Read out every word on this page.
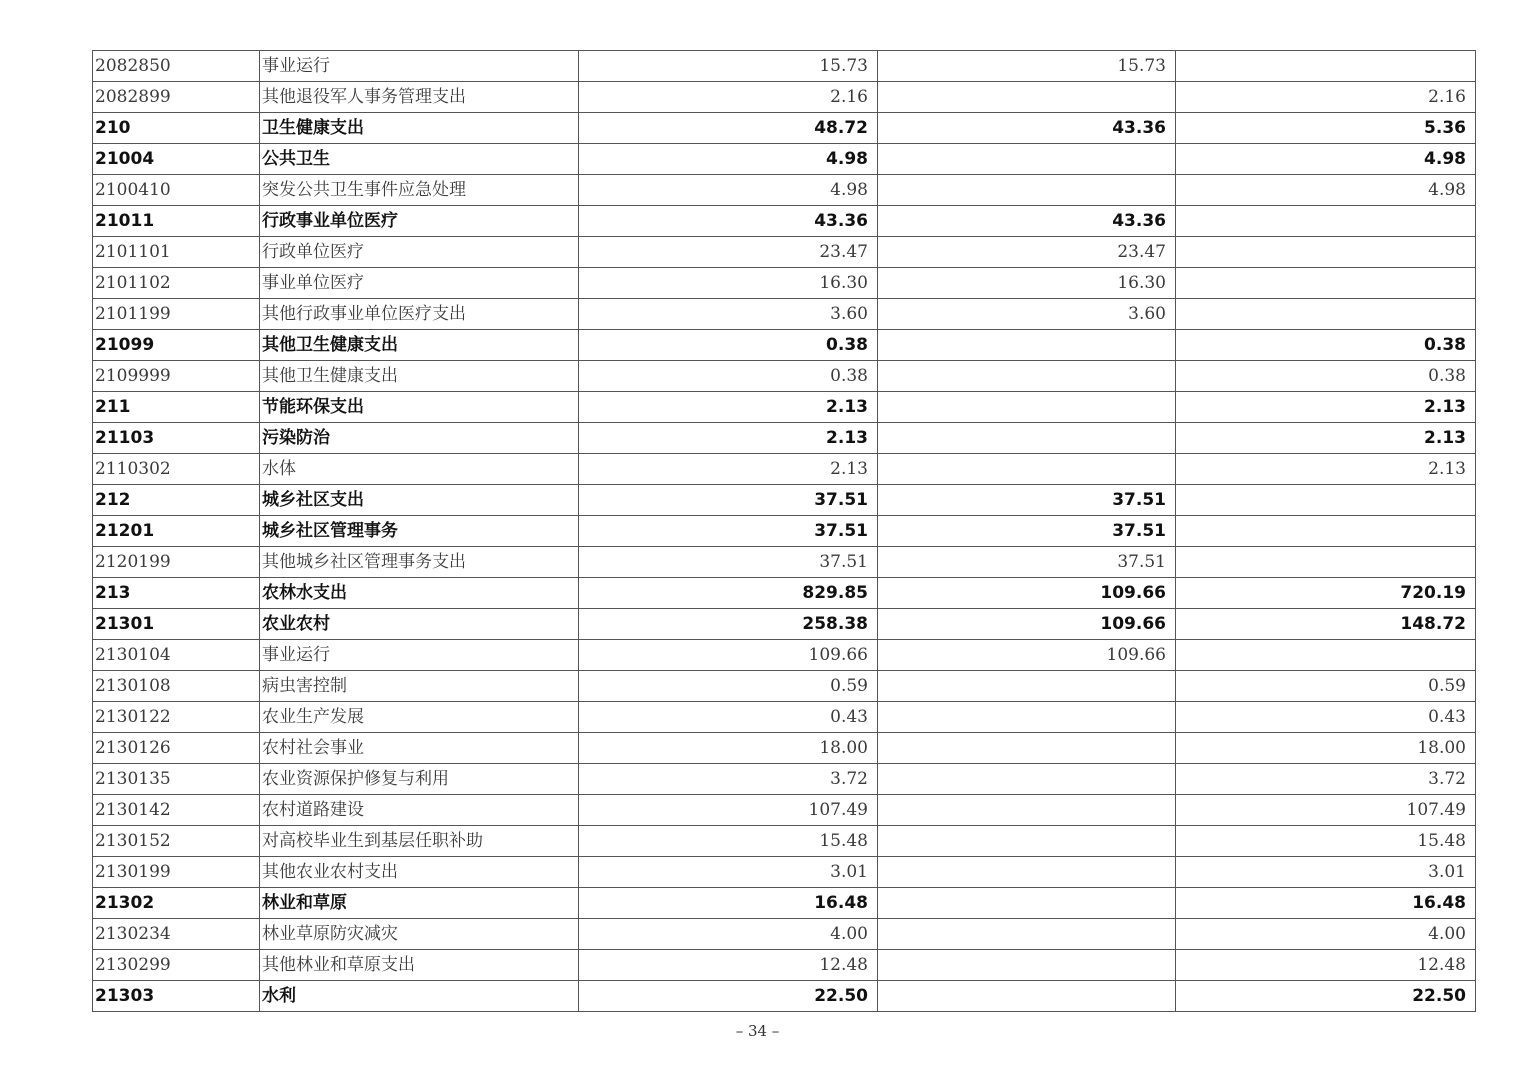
2082850	事业运行	15.73	15.73	
2082899	其他退役军人事务管理支出	2.16		2.16
210	卫生健康支出	48.72	43.36	5.36
21004	公共卫生	4.98		4.98
2100410	突发公共卫生事件应急处理	4.98		4.98
21011	行政事业单位医疗	43.36	43.36	
2101101	行政单位医疗	23.47	23.47	
2101102	事业单位医疗	16.30	16.30	
2101199	其他行政事业单位医疗支出	3.60	3.60	
21099	其他卫生健康支出	0.38		0.38
2109999	其他卫生健康支出	0.38		0.38
211	节能环保支出	2.13		2.13
21103	污染防治	2.13		2.13
2110302	水体	2.13		2.13
212	城乡社区支出	37.51	37.51	
21201	城乡社区管理事务	37.51	37.51	
2120199	其他城乡社区管理事务支出	37.51	37.51	
213	农林水支出	829.85	109.66	720.19
21301	农业农村	258.38	109.66	148.72
2130104	事业运行	109.66	109.66	
2130108	病虫害控制	0.59		0.59
2130122	农业生产发展	0.43		0.43
2130126	农村社会事业	18.00		18.00
2130135	农业资源保护修复与利用	3.72		3.72
2130142	农村道路建设	107.49		107.49
2130152	对高校毕业生到基层任职补助	15.48		15.48
2130199	其他农业农村支出	3.01		3.01
21302	林业和草原	16.48		16.48
2130234	林业草原防灾减灾	4.00		4.00
2130299	其他林业和草原支出	12.48		12.48
21303	水利	22.50		22.50
– 34 –
